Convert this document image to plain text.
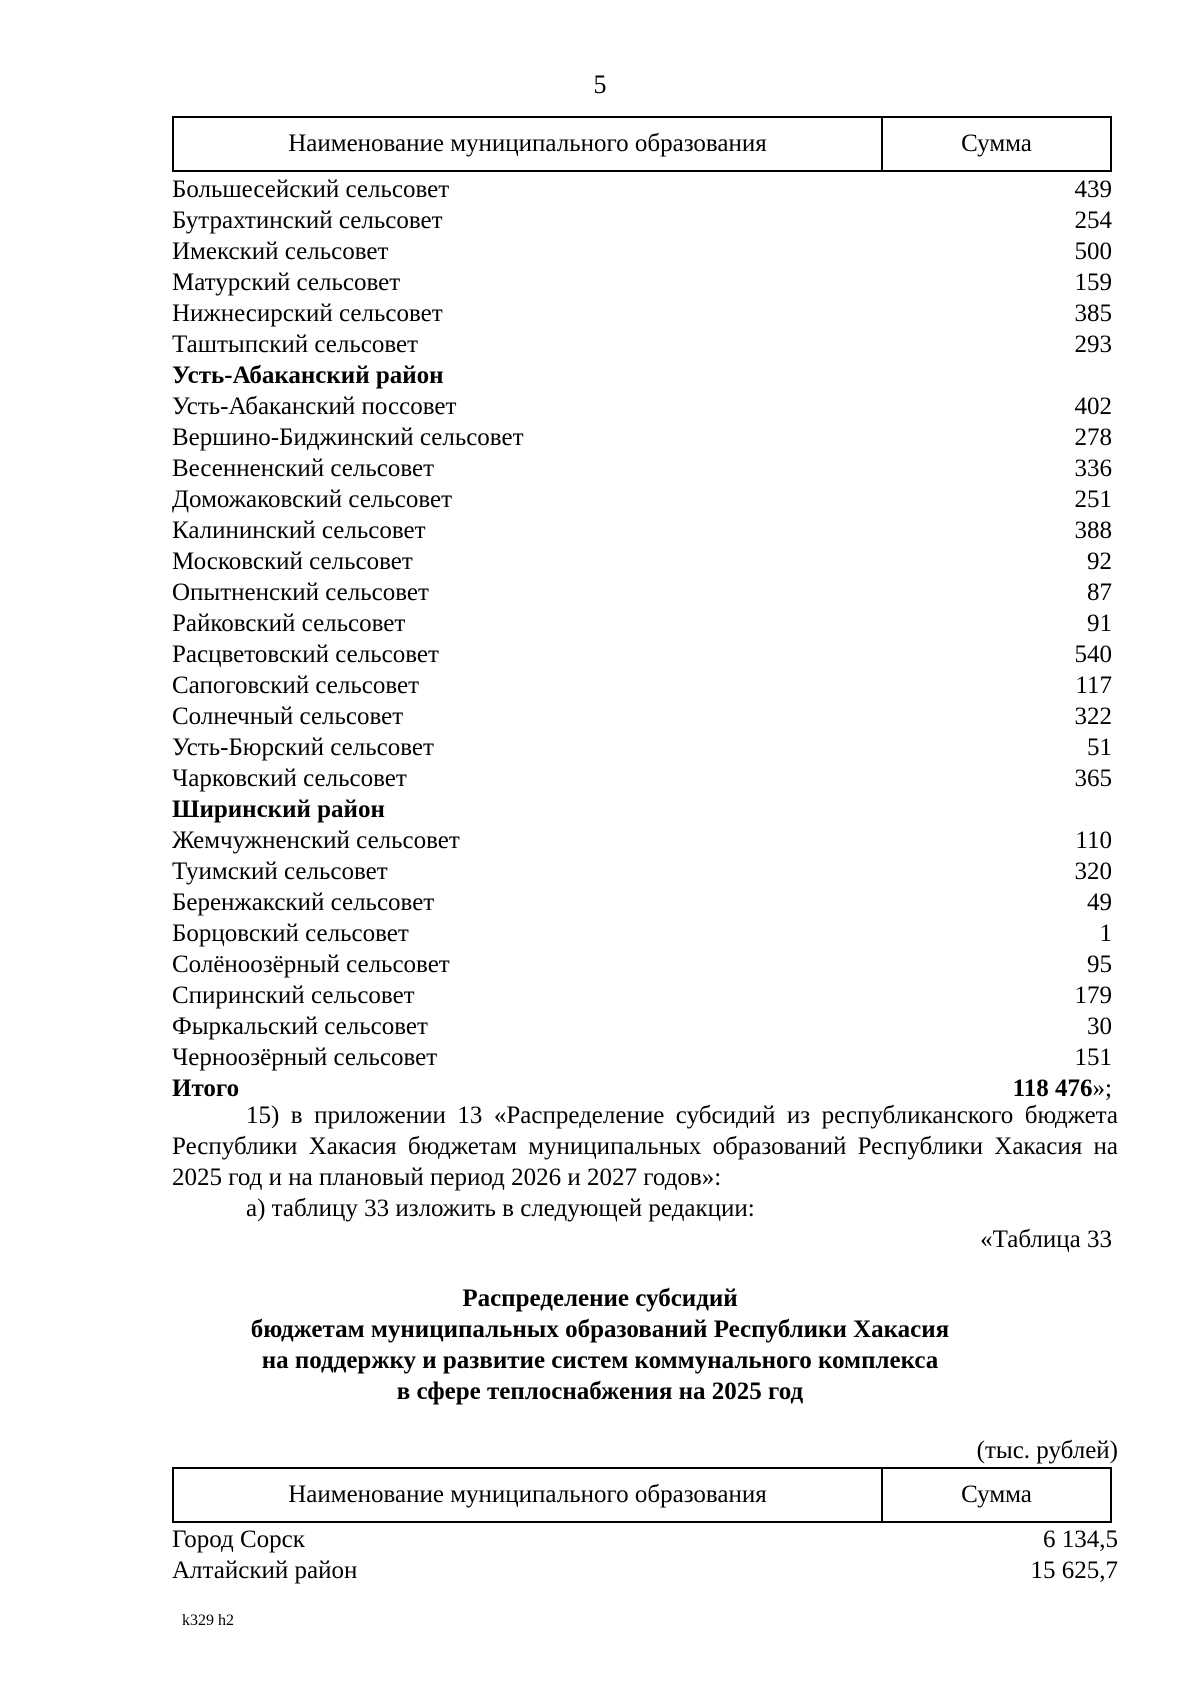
5
Наименование муниципального образования	Сумма
Большесейский сельсовет	439
Бутрахтинский сельсовет	254
Имекский сельсовет	500
Матурский сельсовет	159
Нижнесирский сельсовет	385
Таштыпский сельсовет	293
Усть-Абаканский район
Усть-Абаканский поссовет	402
Вершино-Биджинский сельсовет	278
Весенненский сельсовет	336
Доможаковский сельсовет	251
Калининский сельсовет	388
Московский сельсовет	92
Опытненский сельсовет	87
Райковский сельсовет	91
Расцветовский сельсовет	540
Сапоговский сельсовет	117
Солнечный сельсовет	322
Усть-Бюрский сельсовет	51
Чарковский сельсовет	365
Ширинский район
Жемчужненский сельсовет	110
Туимский сельсовет	320
Беренжакский сельсовет	49
Борцовский сельсовет	1
Солёноозёрный сельсовет	95
Спиринский сельсовет	179
Фыркальский сельсовет	30
Черноозёрный сельсовет	151
Итого	118 476»;
15) в приложении 13 «Распределение субсидий из республиканского бюджета Республики Хакасия бюджетам муниципальных образований Республики Хакасия на 2025 год и на плановый период 2026 и 2027 годов»:
а) таблицу 33 изложить в следующей редакции:
«Таблица 33
Распределение субсидий
бюджетам муниципальных образований Республики Хакасия
на поддержку и развитие систем коммунального комплекса
в сфере теплоснабжения на 2025 год
(тыс. рублей)
Наименование муниципального образования	Сумма
Город Сорск	6 134,5
Алтайский район	15 625,7
k329 h2
